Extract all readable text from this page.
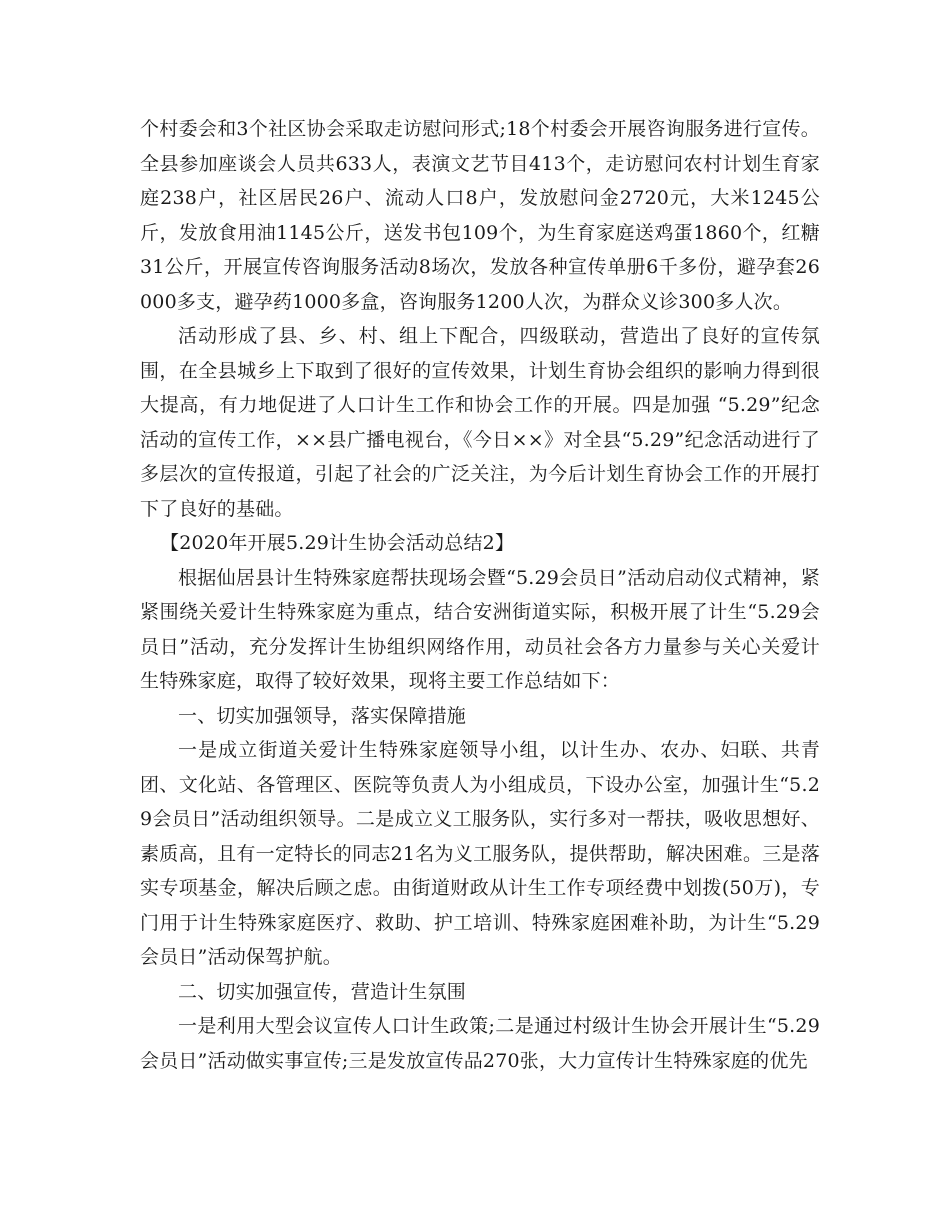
个村委会和3个社区协会采取走访慰问形式;18个村委会开展咨询服务进行宣传。全县参加座谈会人员共633人，表演文艺节目413个，走访慰问农村计划生育家庭238户，社区居民26户、流动人口8户，发放慰问金2720元，大米1245公斤，发放食用油1145公斤，送发书包109个，为生育家庭送鸡蛋1860个，红糖31公斤，开展宣传咨询服务活动8场次，发放各种宣传单册6千多份，避孕套26000多支，避孕药1000多盒，咨询服务1200人次，为群众义诊300多人次。

活动形成了县、乡、村、组上下配合，四级联动，营造出了良好的宣传氛围，在全县城乡上下取到了很好的宣传效果，计划生育协会组织的影响力得到很大提高，有力地促进了人口计生工作和协会工作的开展。四是加强 “5.29”纪念活动的宣传工作，××县广播电视台，《今日××》对全县“5.29”纪念活动进行了多层次的宣传报道，引起了社会的广泛关注，为今后计划生育协会工作的开展打下了良好的基础。

【2020年开展5.29计生协会活动总结2】

根据仙居县计生特殊家庭帮扶现场会暨“5.29会员日”活动启动仪式精神，紧紧围绕关爱计生特殊家庭为重点，结合安洲街道实际，积极开展了计生“5.29会员日”活动，充分发挥计生协组织网络作用，动员社会各方力量参与关心关爱计生特殊家庭，取得了较好效果，现将主要工作总结如下：

一、切实加强领导，落实保障措施

一是成立街道关爱计生特殊家庭领导小组，以计生办、农办、妇联、共青团、文化站、各管理区、医院等负责人为小组成员，下设办公室，加强计生“5.29会员日”活动组织领导。二是成立义工服务队，实行多对一帮扶，吸收思想好、素质高，且有一定特长的同志21名为义工服务队，提供帮助，解决困难。三是落实专项基金，解决后顾之虑。由街道财政从计生工作专项经费中划拨(50万)，专门用于计生特殊家庭医疗、救助、护工培训、特殊家庭困难补助，为计生“5.29会员日”活动保驾护航。

二、切实加强宣传，营造计生氛围

一是利用大型会议宣传人口计生政策;二是通过村级计生协会开展计生“5.29会员日”活动做实事宣传;三是发放宣传品270张，大力宣传计生特殊家庭的优先
